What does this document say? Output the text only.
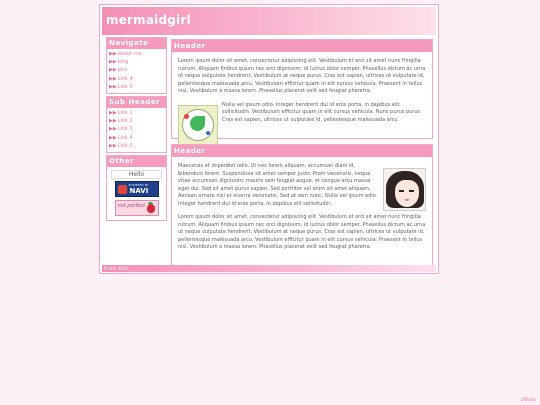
mermaidgirl
Navigate
▶▶about me
▶▶blog
▶▶pics
▶▶Link 4
▶▶Link 5
Sub Header
▶▶Link 1
▶▶Link 2
▶▶Link 3
▶▶Link 4
▶▶Link 5
Other
Hello
POWERED BY
NAVI
not perfect
Header

Lorem ipsum dolor sit amet, consectetur adipiscing elit. Vestibulum et orci sit amet nunc fringilla rutrum. Aliquam finibus ipsum nec orci dignissim, id luctus dolor semper. Phasellus dictum ac urna ut neque vulputate hendrerit. Vestibulum at neque purus. Cras est sapien, ultrices ut vulputate id, pellentesque malesuada arcu. Vestibulum efficitur quam in elit cursus vehicula. Praesent in tellus nisl. Vestibulum a massa lorem. Phasellus placerat velit sed feugiat pharetra.

Nulla vel ipsum odio. Integer hendrerit dui id eros porta, in dapibus elit sollicitudin. Vestibulum efficitur quam in elit cursus vehicula. Nunc purus purus. Cras est sapien, ultrices ut vulputate id, pellentesque malesuada arcu.

Header

Maecenas et imperdiet odio. Ut nec lorem aliquam, accumsan diam id, bibendum lorem. Suspendisse sit amet semper justo. Proin venenatis, neque vitae accumsan dignissim, mauris sem feugiat augue, et congue arcu massa eget dui. Sed sit amet purus sapien. Sed porttitor vel enim sit amet aliquam. Aenean ornare nisi et viverra venenatis. Sed at sem nunc. Nulla vel ipsum odio. Integer hendrerit dui id eros porta, in dapibus elit sollicitudin.

Lorem ipsum dolor sit amet, consectetur adipiscing elit. Vestibulum et orci sit amet nunc fringilla rutrum. Aliquam finibus ipsum nec orci dignissim, id luctus dolor semper. Phasellus dictum ac urna ut neque vulputate hendrerit. Vestibulum at neque purus. Cras est sapien, ultrices ut vulputate id, pellentesque malesuada arcu. Vestibulum efficitur quam in elit cursus vehicula. Praesent in tellus nisl. Vestibulum a massa lorem. Phasellus placerat velit sed feugiat pharetra.

Footer 2021
affiliate
